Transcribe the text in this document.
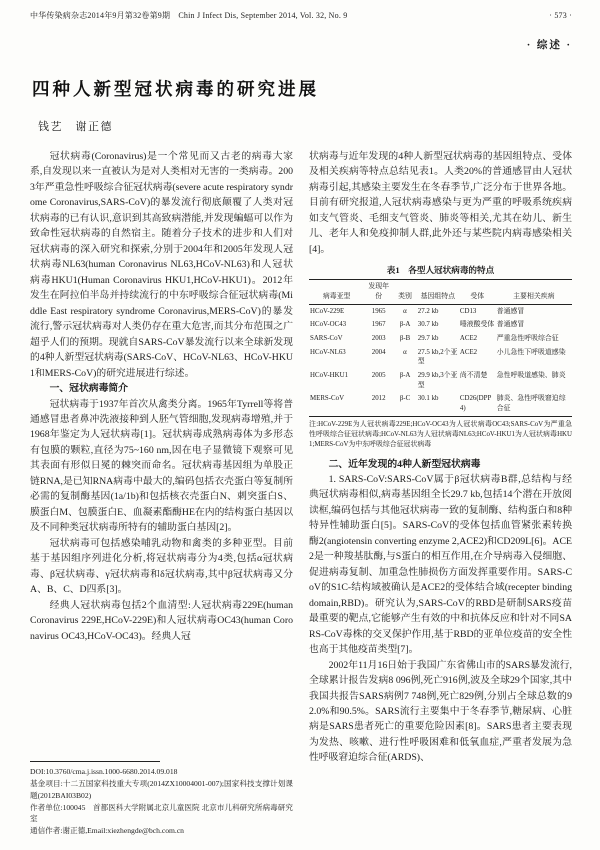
中华传染病杂志2014年9月第32卷第9期　Chin J Infect Dis, September 2014, Vol. 32, No. 9	· 573 ·
· 综述 ·
四种人新型冠状病毒的研究进展
钱艺　谢正德

冠状病毒(Coronavirus)是一个常见而又古老的病毒大家系,自发现以来一直被认为是对人类相对无害的一类病毒。2003年严重急性呼吸综合征冠状病毒(severe acute respiratory syndrome Coronavirus,SARS-CoV)的暴发流行彻底颠覆了人类对冠状病毒的已有认识,意识到其高致病潜能,并发现蝙蝠可以作为致命性冠状病毒的自然宿主。随着分子技术的进步和人们对冠状病毒的深入研究和探索,分别于2004年和2005年发现人冠状病毒NL63(human Coronavirus NL63,HCoV-NL63)和人冠状病毒HKU1(Human Coronavirus HKU1,HCoV-HKU1)。2012年发生在阿拉伯半岛并持续流行的中东呼吸综合征冠状病毒(Middle East respiratory syndrome Coronavirus,MERS-CoV)的暴发流行,警示冠状病毒对人类仍存在重大危害,而其分布范围之广超乎人们的预期。现就自SARS-CoV暴发流行以来全球新发现的4种人新型冠状病毒(SARS-CoV、HCoV-NL63、HCoV-HKU1和MERS-CoV)的研究进展进行综述。

一、冠状病毒简介

冠状病毒于1937年首次从禽类分离。1965年Tyrrell等将普通感冒患者鼻冲洗液接种到人胚气管细胞,发现病毒增殖,并于1968年鉴定为人冠状病毒[1]。冠状病毒成熟病毒体为多形态有包膜的颗粒,直径为75~160 nm,因在电子显微镜下观察可见其表面有形似日冕的棘突而命名。冠状病毒基因组为单股正链RNA,是已知RNA病毒中最大的,编码包括衣壳蛋白等复制所必需的复制酶基因(1a/1b)和包括核衣壳蛋白N、刺突蛋白S、膜蛋白M、包膜蛋白E、血凝素酯酶HE在内的结构蛋白基因以及不同种类冠状病毒所特有的辅助蛋白基因[2]。

冠状病毒可包括感染哺乳动物和禽类的多种亚型。目前基于基因组序列进化分析,将冠状病毒分为4类,包括α冠状病毒、β冠状病毒、γ冠状病毒和δ冠状病毒,其中β冠状病毒又分A、B、C、D四系[3]。

经典人冠状病毒包括2个血清型:人冠状病毒229E(human Coronavirus 229E,HCoV-229E)和人冠状病毒OC43(human Coronavirus OC43,HCoV-OC43)。经典人冠

DOI:10.3760/cma.j.issn.1000-6680.2014.09.018

基金项目:十二五国家科技重大专项(2014ZX10004001-007);国家科技支撑计划课题(2012BAI03B02)

作者单位:100045　首都医科大学附属北京儿童医院 北京市儿科研究所病毒研究室

通信作者:谢正德,Email:xiezhengde@bch.com.cn

状病毒与近年发现的4种人新型冠状病毒的基因组特点、受体及相关疾病等特点总结见表1。人类20%的普通感冒由人冠状病毒引起,其感染主要发生在冬春季节,广泛分布于世界各地。目前有研究报道,人冠状病毒感染与更为严重的呼吸系统疾病如支气管炎、毛细支气管炎、肺炎等相关,尤其在幼儿、新生儿、老年人和免疫抑制人群,此外还与某些院内病毒感染相关[4]。

表1　各型人冠状病毒的特点
病毒亚型	发现年份	类别	基因组特点	受体	主要相关疾病
HCoV-229E	1965	α	27.2 kb	CD13	普通感冒
HCoV-OC43	1967	β-A	30.7 kb	唾液酸受体	普通感冒
SARS-CoV	2003	β-B	29.7 kb	ACE2	严重急性呼吸综合征
HCoV-NL63	2004	α	27.5 kb,2个亚型	ACE2	小儿急性下呼吸道感染
HCoV-HKU1	2005	β-A	29.9 kb,3个亚型	尚不清楚	急性呼吸道感染、肺炎
MERS-CoV	2012	β-C	30.1 kb	CD26(DPP4)	肺炎、急性呼吸窘迫综合征

注:HCoV-229E为人冠状病毒229E;HCoV-OC43为人冠状病毒OC43;SARS-CoV为严重急性呼吸综合征冠状病毒;HCoV-NL63为人冠状病毒NL63;HCoV-HKU1为人冠状病毒HKU1;MERS-CoV为中东呼吸综合征冠状病毒

二、近年发现的4种人新型冠状病毒

1. SARS-CoV:SARS-CoV属于β冠状病毒B群,总结构与经典冠状病毒相似,病毒基因组全长29.7 kb,包括14个潜在开放阅读框,编码包括与其他冠状病毒一致的复制酶、结构蛋白和8种特异性辅助蛋白[5]。SARS-CoV的受体包括血管紧张素转换酶2(angiotensin converting enzyme 2,ACE2)和CD209L[6]。ACE2是一种羧基肽酶,与S蛋白的相互作用,在介导病毒入侵细胞、促进病毒复制、加重急性肺损伤方面发挥重要作用。SARS-CoV的S1C-结构域被确认是ACE2的受体结合域(recepter binding domain,RBD)。研究认为,SARS-CoV的RBD是研制SARS疫苗最重要的靶点,它能够产生有效的中和抗体反应和针对不同SARS-CoV毒株的交叉保护作用,基于RBD的亚单位疫苗的安全性也高于其他疫苗类型[7]。

2002年11月16日始于我国广东省佛山市的SARS暴发流行,全球累计报告发病8 096例,死亡916例,波及全球29个国家,其中我国共报告SARS病例7 748例,死亡829例,分别占全球总数的92.0%和90.5%。SARS流行主要集中于冬春季节,糖尿病、心脏病是SARS患者死亡的重要危险因素[8]。SARS患者主要表现为发热、咳嗽、进行性呼吸困难和低氧血症,严重者发展为急性呼吸窘迫综合征(ARDS)、
